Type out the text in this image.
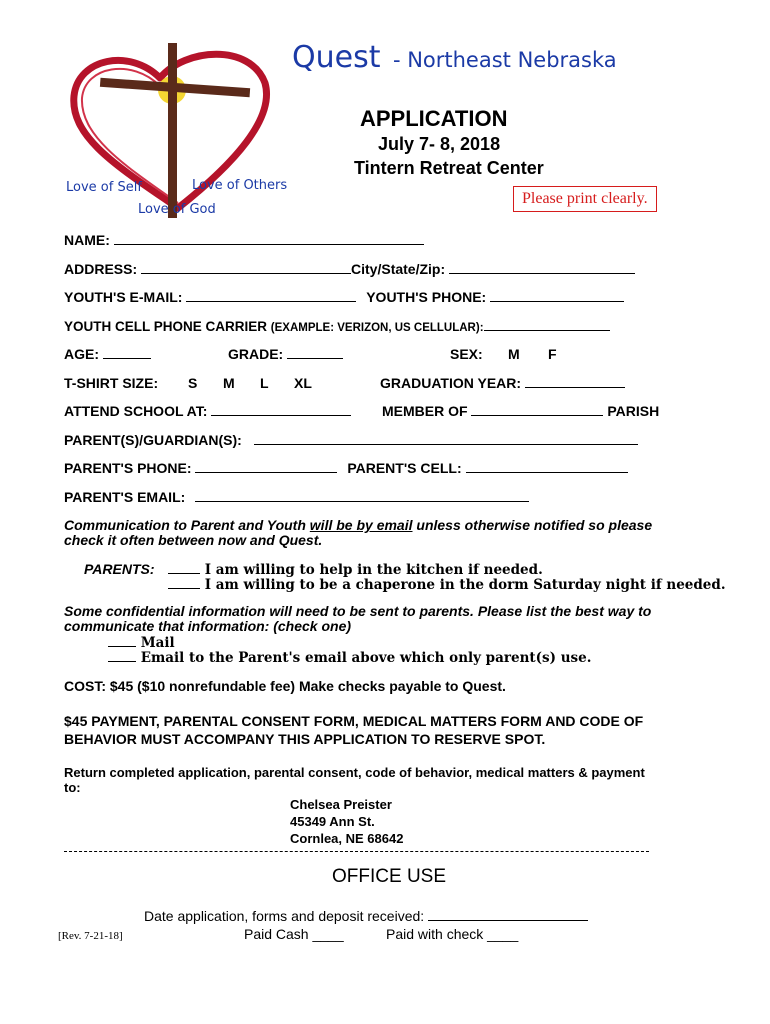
Love of Self	Love of Others
Love of God
Quest - Northeast Nebraska
APPLICATION
July 7- 8, 2018
Tintern Retreat Center
Please print clearly.
NAME:
ADDRESS:	City/State/Zip:
YOUTH'S E-MAIL:	YOUTH'S PHONE:
YOUTH CELL PHONE CARRIER (EXAMPLE: VERIZON, US CELLULAR):
AGE:	GRADE:	SEX: M F
T-SHIRT SIZE: S M L XL	GRADUATION YEAR:
ATTEND SCHOOL AT:	MEMBER OF	PARISH
PARENT(S)/GUARDIAN(S):
PARENT'S PHONE:	PARENT'S CELL:
PARENT'S EMAIL:
Communication to Parent and Youth will be by email unless otherwise notified so please
check it often between now and Quest.
PARENTS:	I am willing to help in the kitchen if needed.
I am willing to be a chaperone in the dorm Saturday night if needed.
Some confidential information will need to be sent to parents. Please list the best way to
communicate that information: (check one)
Mail
Email to the Parent's email above which only parent(s) use.
COST: $45 ($10 nonrefundable fee) Make checks payable to Quest.
$45 PAYMENT, PARENTAL CONSENT FORM, MEDICAL MATTERS FORM AND CODE OF
BEHAVIOR MUST ACCOMPANY THIS APPLICATION TO RESERVE SPOT.
Return completed application, parental consent, code of behavior, medical matters & payment
to:
Chelsea Preister
45349 Ann St.
Cornlea, NE 68642
OFFICE USE
Date application, forms and deposit received:
[Rev. 7-21-18]	Paid Cash ____	Paid with check ____
